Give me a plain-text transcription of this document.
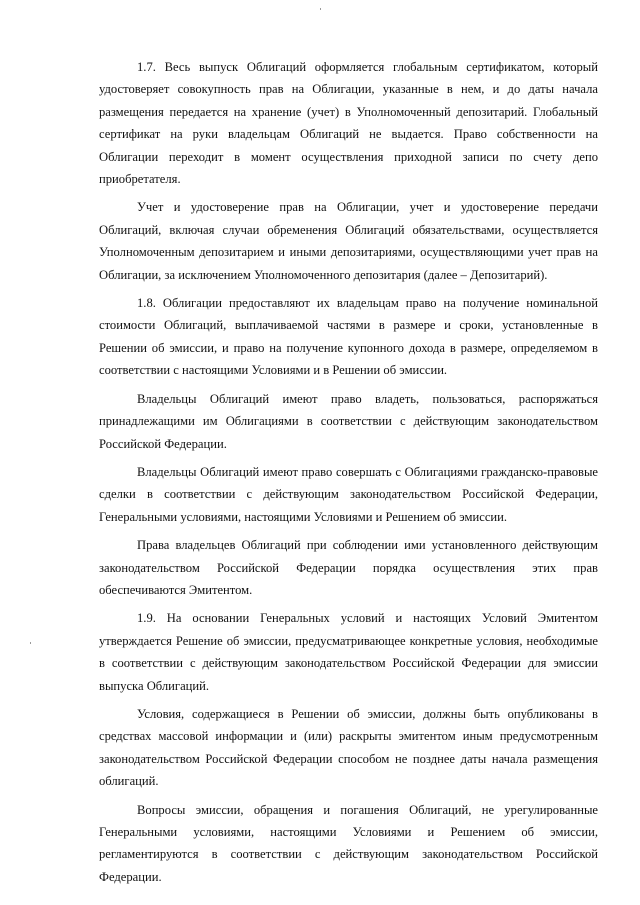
1.7. Весь выпуск Облигаций оформляется глобальным сертификатом, который удостоверяет совокупность прав на Облигации, указанные в нем, и до даты начала размещения передается на хранение (учет) в Уполномоченный депозитарий. Глобальный сертификат на руки владельцам Облигаций не выдается. Право собственности на Облигации переходит в момент осуществления приходной записи по счету депо приобретателя.

Учет и удостоверение прав на Облигации, учет и удостоверение передачи Облигаций, включая случаи обременения Облигаций обязательствами, осуществляется Уполномоченным депозитарием и иными депозитариями, осуществляющими учет прав на Облигации, за исключением Уполномоченного депозитария (далее – Депозитарий).

1.8. Облигации предоставляют их владельцам право на получение номинальной стоимости Облигаций, выплачиваемой частями в размере и сроки, установленные в Решении об эмиссии, и право на получение купонного дохода в размере, определяемом в соответствии с настоящими Условиями и в Решении об эмиссии.

Владельцы Облигаций имеют право владеть, пользоваться, распоряжаться принадлежащими им Облигациями в соответствии с действующим законодательством Российской Федерации.

Владельцы Облигаций имеют право совершать с Облигациями гражданско-правовые сделки в соответствии с действующим законодательством Российской Федерации, Генеральными условиями, настоящими Условиями и Решением об эмиссии.

Права владельцев Облигаций при соблюдении ими установленного действующим законодательством Российской Федерации порядка осуществления этих прав обеспечиваются Эмитентом.

1.9. На основании Генеральных условий и настоящих Условий Эмитентом утверждается Решение об эмиссии, предусматривающее конкретные условия, необходимые в соответствии с действующим законодательством Российской Федерации для эмиссии выпуска Облигаций.

Условия, содержащиеся в Решении об эмиссии, должны быть опубликованы в средствах массовой информации и (или) раскрыты эмитентом иным предусмотренным законодательством Российской Федерации способом не позднее даты начала размещения облигаций.

Вопросы эмиссии, обращения и погашения Облигаций, не урегулированные Генеральными условиями, настоящими Условиями и Решением об эмиссии, регламентируются в соответствии с действующим законодательством Российской Федерации.
